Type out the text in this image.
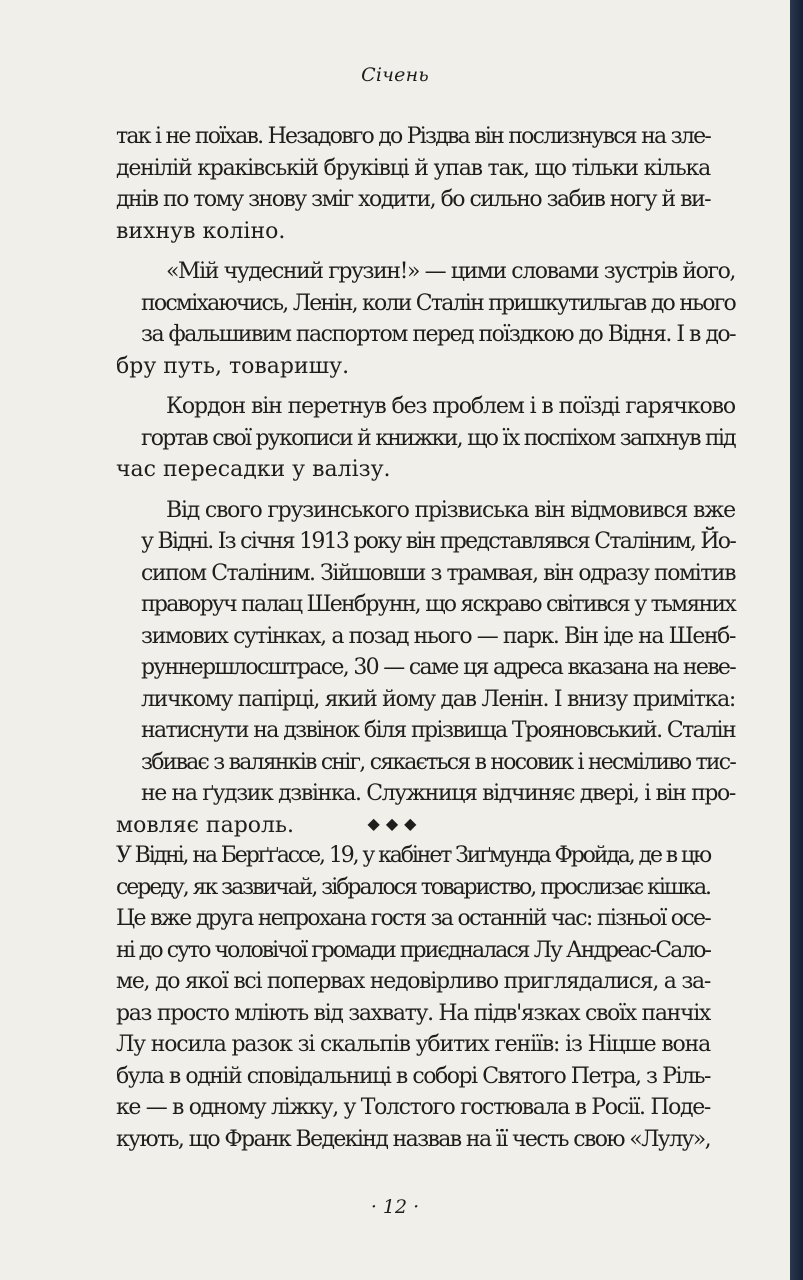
Січень

так і не поїхав. Незадовго до Різдва він послизнувся на зле-
денілій краківській бруківці й упав так, що тільки кілька
днів по тому знову зміг ходити, бо сильно забив ногу й ви-
вихнув коліно.

«Мій чудесний грузин!» — цими словами зустрів його,
посміхаючись, Ленін, коли Сталін пришкутильгав до нього
за фальшивим паспортом перед поїздкою до Відня. І в до-
бру путь, товаришу.

Кордон він перетнув без проблем і в поїзді гарячково
гортав свої рукописи й книжки, що їх поспіхом запхнув під
час пересадки у валізу.

Від свого грузинського прізвиська він відмовився вже
у Відні. Із січня 1913 року він представлявся Сталіним, Йо-
сипом Сталіним. Зійшовши з трамвая, він одразу помітив
праворуч палац Шенбрунн, що яскраво світився у тьмяних
зимових сутінках, а позад нього — парк. Він іде на Шенб-
руннершлосштрасе, 30 — саме ця адреса вказана на неве-
личкому папірці, який йому дав Ленін. І внизу примітка:
натиснути на дзвінок біля прізвища Трояновський. Сталін
збиває з валянків сніг, сякається в носовик і несміливо тис-
не на ґудзик дзвінка. Служниця відчиняє двері, і він про-
мовляє пароль.	◆◆◆

У Відні, на Берґґассе, 19, у кабінет Зиґмунда Фройда, де в цю
середу, як зазвичай, зібралося товариство, прослизає кішка.
Це вже друга непрохана гостя за останній час: пізньої осе-
ні до суто чоловічої громади приєдналася Лу Андреас-Сало-
ме, до якої всі попервах недовірливо приглядалися, а за-
раз просто мліють від захвату. На підв'язках своїх панчіх
Лу носила разок зі скальпів убитих геніїв: із Ніцше вона
була в одній сповідальниці в соборі Святого Петра, з Ріль-
ке — в одному ліжку, у Толстого гостювала в Росії. Поде-
кують, що Франк Ведекінд назвав на її честь свою «Лулу»,

· 12 ·
